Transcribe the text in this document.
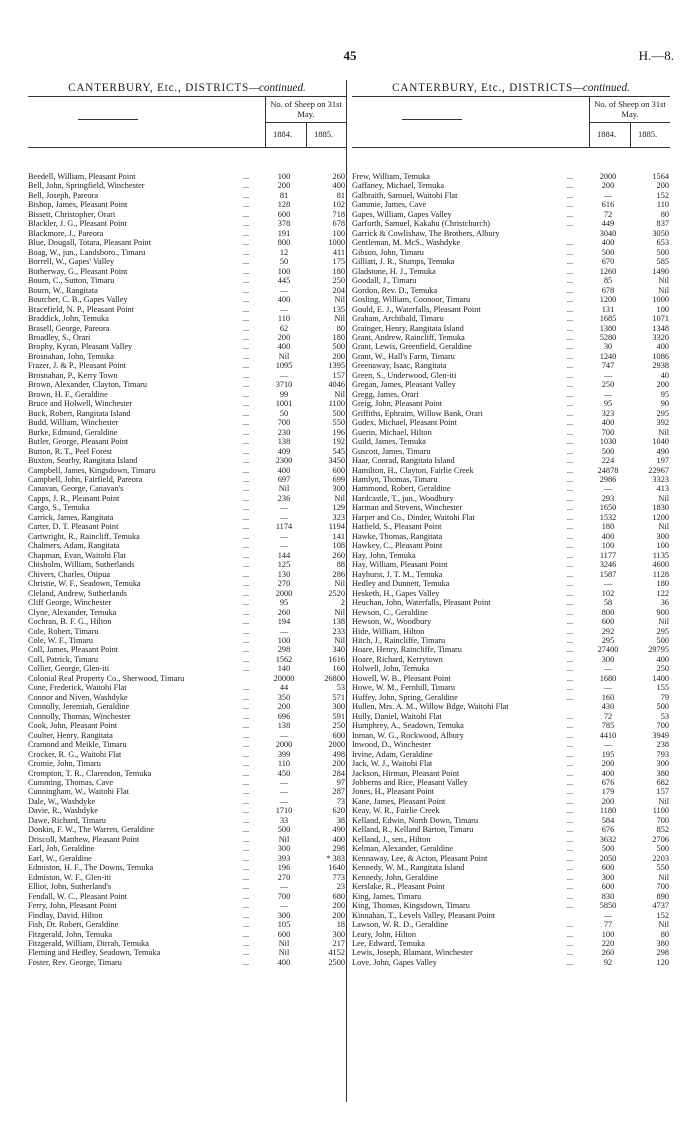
45	H.—8.
CANTERBURY, Etc., DISTRICTS—continued.
No. of Sheep on 31st May.
1884.	1885.
Beedell, William, Pleasant Point	...	100	260
Bell, John, Springfield, Winchester	...	200	400
Bell, Joseph, Pareora	...	81	81
Bishop, James, Pleasant Point	...	128	102
Bissett, Christopher, Orari	...	600	718
Blackler, J. G., Pleasant Point	...	378	678
Blackmore, J., Pareora	...	191	100
Blue, Dougall, Totara, Pleasant Point	...	800	1000
Boag, W., jun., Landsboro., Timaru	...	12	411
Borrell, W., Gapes' Valley	...	50	175
Botherway, G., Pleasant Point	...	100	180
Bourn, C., Sutton, Timaru	...	445	250
Bourn, W., Rangitata	...	—	204
Boutcher, C. B., Gapes Valley	...	400	Nil
Bracefield, N. P., Pleasant Point	...	—	135
Braddick, John, Temuka	...	110	Nil
Brasell, George, Pareora	...	62	80
Broadley, S., Orari	...	200	180
Brophy, Kyran, Pleasant Valley	...	400	500
Brosnahan, John, Temuka	...	Nil	200
Frazer, J. & P., Pleasant Point	...	1095	1395
Brosnahan, P., Kerry Town	...	—	157
Brown, Alexander, Clayton, Timaru	...	3710	4046
Brown, H. F., Geraldine	...	99	Nil
Bruce and Holwell, Winchester	...	1001	1100
Buck, Robert, Rangitata Island	...	50	500
Budd, William, Winchester	...	700	550
Burke, Edmund, Geraldine	...	230	196
Butler, George, Pleasant Point	...	138	192
Button, R. T., Peel Forest	...	409	545
Buxton, Searby, Rangitata Island	...	2300	3450
Campbell, James, Kingsdown, Timaru	...	400	600
Campbell, John, Fairfield, Pareora	...	697	699
Canavan, George, Canavan's	...	Nil	300
Capps, J. R., Pleasant Point	...	236	Nil
Cargo, S., Temuka	...	—	129
Carrick, James, Rangitata	...	—	323
Carter, D. T. Pleasant Point	...	1174	1194
Cartwright, R., Raincliff, Temuka	...	—	141
Chalmers, Adam, Rangitata	...	—	108
Chapman, Evan, Waitohi Flat	...	144	260
Chisholm, William, Sutherlands	...	125	88
Chivers, Charles, Otipua	...	130	286
Christie, W. F., Seadown, Temuka	...	270	Nil
Cleland, Andrew, Sutherlands	...	2000	2520
Cliff George, Winchester	...	95	2
Clyne, Alexander, Temuka	...	260	Nil
Cochran, B. F. G., Hilton	...	194	138
Cole, Robert, Timaru	...	—	233
Cole, W. F., Timaru	...	100	Nil
Coll, James, Pleasant Point	...	298	340
Coll, Patrick, Timaru	...	1562	1616
Collier, George, Glen-iti	...	140	160
Colonial Real Property Co., Sherwood, Timaru	20000	26800
Cone, Frederick, Waitohi Flat	...	44	53
Connor and Niven, Washdyke	...	350	571
Connolly, Jeremiah, Geraldine	...	200	300
Connolly, Thomas, Winchester	...	696	591
Cook, John, Pleasant Point	...	138	250
Coulter, Henry, Rangitata	...	—	600
Cramond and Meikle, Timaru	...	2000	2000
Crocker, R. G., Waitohi Flat	...	399	498
Cromie, John, Timaru	...	110	200
Crompton, T. R., Clarendon, Temuka	...	450	284
Cumming, Thomas, Cave	...	—	97
Cunningham, W., Waitohi Flat	...	—	287
Dale, W., Washdyke	...	—	73
Davie, R., Washdyke	...	1710	620
Dawe, Richard, Timaru	...	33	38
Donkin, F. W., The Warren, Geraldine	...	500	490
Driscoll, Matthew, Pleasant Point	...	Nil	400
Earl, Job, Geraldine	...	300	298
Earl, W., Geraldine	...	393	* 383
Edmiston, H. F., The Downs, Temuka	...	196	1640
Edmiston, W. F., Glen-iti	...	270	773
Elliot, John, Sutherland's	...	—	23
Fendall, W. C., Pleasant Point	...	700	680
Ferry, John, Pleasant Point	...	—	200
Findlay, David, Hilton	...	300	200
Fish, Dr. Robert, Geraldine	...	105	18
Fitzgerald, John, Temuka	...	600	300
Fitzgerald, William, Dirrah, Temuka	...	Nil	217
Fleming and Hedley, Seadown, Temuka	...	Nil	4152
Foster, Rev. George, Timaru	...	400	2500
CANTERBURY, Etc., DISTRICTS—continued.
No. of Sheep on 31st May.
1884.	1885.
Frew, William, Temuka	...	2000	1564
Gaffaney, Michael, Temuka	...	200	200
Galbraith, Samuel, Waitohi Flat	...	—	152
Gammie, James, Cave	...	616	110
Gapes, William, Gapes Valley	...	72	80
Garforth, Samuel, Kakahu (Christchurch)	...	449	837
Garrick & Cowlishaw, The Brothers, Albury	3040	3050
Gentleman, M. McS., Washdyke	...	400	653
Gibson, John, Timaru	...	500	500
Gilliatt, J. R., Stumps, Temuka	...	670	585
Gladstone, H. J., Temuka	...	1260	1490
Goodall, J., Timaru	...	85	Nil
Gordon, Rev. D., Temuka	...	678	Nil
Gosling, William, Coonoor, Timaru	...	1200	1000
Gould, E. J., Waterfalls, Pleasant Point	...	131	100
Graham, Archibald, Timaru	...	1685	1071
Grainger, Henry, Rangitata Island	...	1380	1348
Grant, Andrew, Raincliff, Temuka	...	5280	3320
Grant, Lewis, Greenfield, Geraldine	...	30	400
Grant, W., Hall's Farm, Timaru	...	1240	1086
Greenaway, Isaac, Rangitata	...	747	2938
Green, S., Underwood, Glen-iti	...	—	40
Gregan, James, Pleasant Valley	...	250	200
Gregg, James, Orari	...	—	95
Greig, John, Pleasant Point	...	95	90
Griffiths, Ephraim, Willow Bank, Orari	...	323	295
Gudex, Michael, Pleasant Point	...	400	392
Guerin, Michael, Hilton	...	700	Nil
Guild, James, Temuka	...	1030	1040
Guscott, James, Timaru	...	500	490
Haar, Conrad, Rangitata Island	...	224	197
Hamilton, H., Clayton, Fairlie Creek	...	24878	22967
Hamlyn, Thomas, Timaru	...	2986	3323
Hammond, Robert, Geraldine	...	—	413
Hardcastle, T., jun., Woodbury	...	293	Nil
Harman and Stevens, Winchester	...	1650	1830
Harper and Co., Dinder, Waitohi Flat	...	1532	1200
Hatfield, S., Pleasant Point	...	180	Nil
Hawke, Thomas, Rangitata	...	400	300
Hawkey, C., Pleasant Point	...	100	100
Hay, John, Temuka	...	1177	1135
Hay, William, Pleasant Point	...	3246	4600
Hayhurst, J. T. M., Temuka	...	1587	1128
Hedley and Dunnett, Temuka	...	—	180
Hesketh, H., Gapes Valley	...	102	122
Heuchan, John, Waterfalls, Pleasant Point	...	58	36
Hewson, C., Geraldine	...	800	900
Hewson, W., Woodbury	...	600	Nil
Hide, William, Hilton	...	292	295
Hitch, J., Raincliffe, Timaru	...	295	500
Hoare, Henry, Raincliffe, Timaru	...	27400	29795
Hoare, Richard, Kerrytown	...	300	400
Holwell, John, Temuka	...	—	250
Howell, W. B., Pleasant Point	...	1680	1400
Howe, W. M., Fernhill, Timaru	...	—	155
Huffey, John, Spring, Geraldine	...	160	79
Hullen, Mrs. A. M., Willow Bdge, Waitohi Flat	430	500
Hully, Daniel, Waitohi Flat	...	72	53
Humphrey, A., Seadown, Temuka	...	785	700
Inman, W. G., Rockwood, Albury	...	4410	3949
Inwood, D., Winchester	...	—	238
Irvine, Adam, Geraldine	...	195	793
Jack, W. J., Waitohi Flat	...	200	300
Jackson, Hirman, Pleasant Point	...	400	380
Jobberns and Rice, Pleasant Valley	...	676	682
Jones, H., Pleasant Point	...	179	157
Kane, James, Pleasant Point	...	200	Nil
Keay, W. R., Fairlie Creek	...	1180	1100
Kelland, Edwin, North Down, Timaru	...	584	700
Kelland, R., Kelland Barton, Timaru	...	676	852
Kelland, J., sen., Hilton	...	3632	2706
Kelman, Alexander, Geraldine	...	500	500
Kennaway, Lee, & Acton, Pleasant Point	...	2050	2203
Kennedy, W. M., Rangitata Island	...	600	550
Kennedy, John, Geraldine	...	300	Nil
Kerslake, R., Pleasant Point	...	600	700
King, James, Timaru	...	830	890
King, Thomas, Kingsdown, Timaru	...	5850	4737
Kinnahan, T., Levels Valley, Pleasant Point	—	152
Lawson, W. R. D., Geraldine	...	77	Nil
Leary, John, Hilton	...	100	80
Lee, Edward, Temuka	...	220	380
Lewis, Joseph, Blamant, Winchester	...	260	298
Love, John, Gapes Valley	...	92	120
